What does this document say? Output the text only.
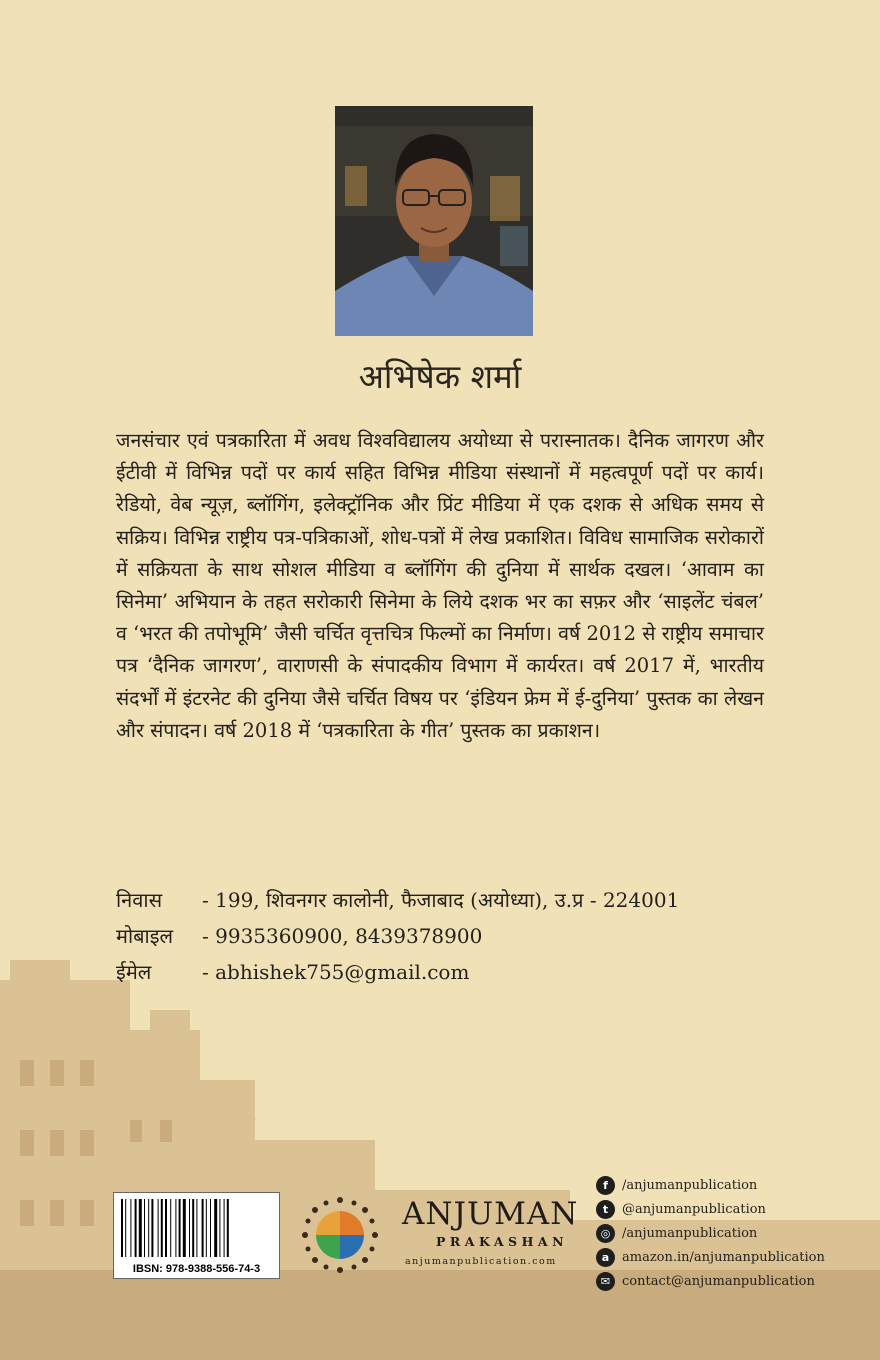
अभिषेक शर्मा

जनसंचार एवं पत्रकारिता में अवध विश्वविद्यालय अयोध्या से परास्नातक। दैनिक जागरण और ईटीवी में विभिन्न पदों पर कार्य सहित विभिन्न मीडिया संस्थानों में महत्वपूर्ण पदों पर कार्य। रेडियो, वेब न्यूज़, ब्लॉगिंग, इलेक्ट्रॉनिक और प्रिंट मीडिया में एक दशक से अधिक समय से सक्रिय। विभिन्न राष्ट्रीय पत्र-पत्रिकाओं, शोध-पत्रों में लेख प्रकाशित। विविध सामाजिक सरोकारों में सक्रियता के साथ सोशल मीडिया व ब्लॉगिंग की दुनिया में सार्थक दखल। ‘आवाम का सिनेमा’ अभियान के तहत सरोकारी सिनेमा के लिये दशक भर का सफ़र और ‘साइलेंट चंबल’ व ‘भरत की तपोभूमि’ जैसी चर्चित वृत्तचित्र फिल्मों का निर्माण। वर्ष 2012 से राष्ट्रीय समाचार पत्र ‘दैनिक जागरण’, वाराणसी के संपादकीय विभाग में कार्यरत। वर्ष 2017 में, भारतीय संदर्भों में इंटरनेट की दुनिया जैसे चर्चित विषय पर ‘इंडियन फ्रेम में ई-दुनिया’ पुस्तक का लेखन और संपादन। वर्ष 2018 में ‘पत्रकारिता के गीत’ पुस्तक का प्रकाशन।

निवास	- 199, शिवनगर कालोनी, फैजाबाद (अयोध्या), उ.प्र - 224001
मोबाइल	- 9935360900, 8439378900
ईमेल	- abhishek755@gmail.com
IBSN: 978-9388-556-74-3
ANJUMAN
PRAKASHAN
anjumanpublication.com
f	/anjumanpublication
t	@anjumanpublication
◎ /anjumanpublication
a amazon.in/anjumanpublication
✉ contact@anjumanpublication
